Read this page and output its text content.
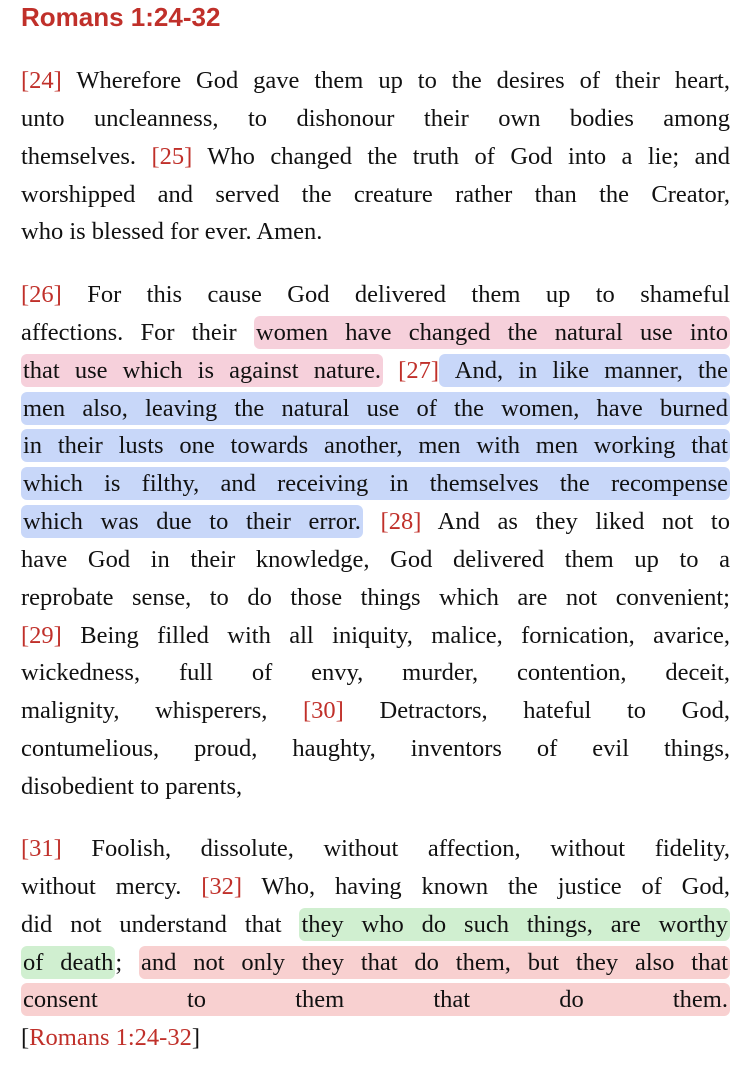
Romans 1:24-32
[24] Wherefore God gave them up to the desires of their heart,
unto uncleanness, to dishonour their own bodies among
themselves. [25] Who changed the truth of God into a lie; and
worshipped and served the creature rather than the Creator,
who is blessed for ever. Amen.
[26] For this cause God delivered them up to shameful
affections. For their women have changed the natural use into
that use which is against nature. [27] And, in like manner, the
men also, leaving the natural use of the women, have burned
in their lusts one towards another, men with men working that
which is filthy, and receiving in themselves the recompense
which was due to their error. [28] And as they liked not to
have God in their knowledge, God delivered them up to a
reprobate sense, to do those things which are not convenient;
[29] Being filled with all iniquity, malice, fornication, avarice,
wickedness, full of envy, murder, contention, deceit,
malignity, whisperers, [30] Detractors, hateful to God,
contumelious, proud, haughty, inventors of evil things,
disobedient to parents,
[31] Foolish, dissolute, without affection, without fidelity,
without mercy. [32] Who, having known the justice of God,
did not understand that they who do such things, are worthy
of death; and not only they that do them, but they also that
consent to them that do them.
[Romans 1:24-32]
